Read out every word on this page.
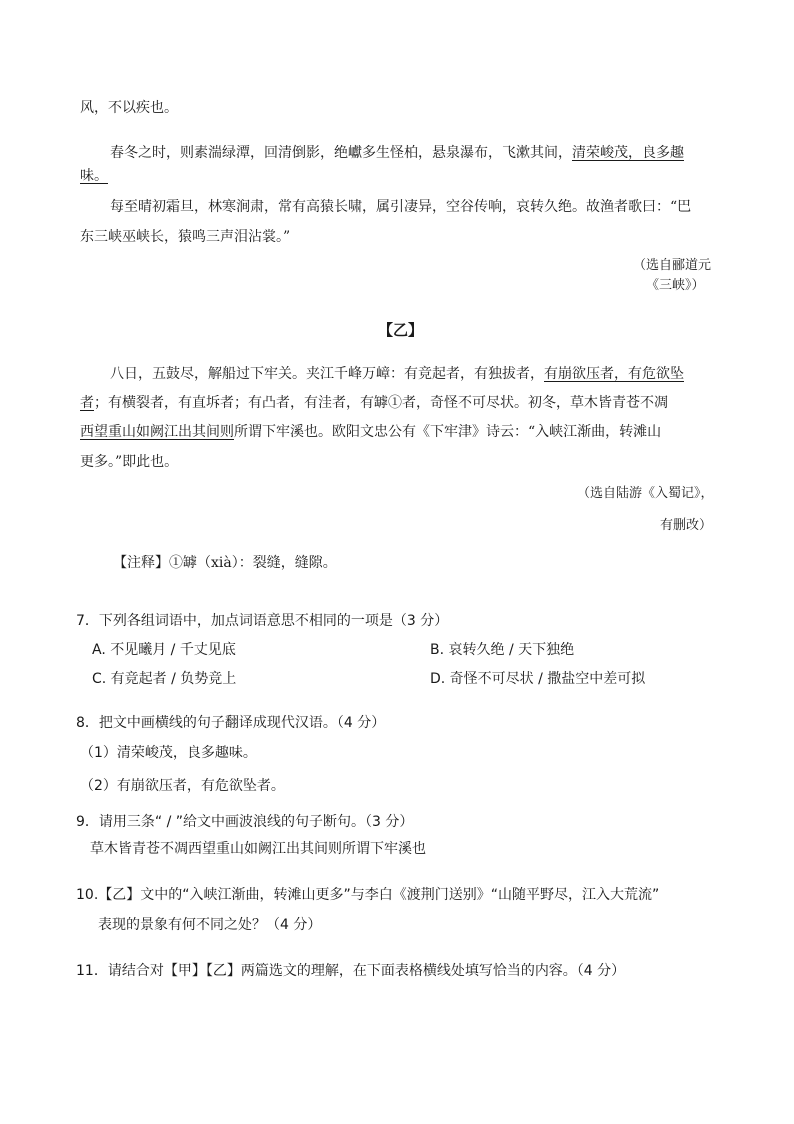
风，不以疾也。
春冬之时，则素湍绿潭，回清倒影，绝巘多生怪柏，悬泉瀑布，飞漱其间，清荣峻茂，良多趣
味。
每至晴初霜旦，林寒涧肃，常有高猿长啸，属引凄异，空谷传响，哀转久绝。故渔者歌曰：“巴
东三峡巫峡长，猿鸣三声泪沾裳。”
（选自郦道元
《三峡》）
【乙】
八日，五鼓尽，解船过下牢关。夹江千峰万嶂：有竞起者，有独拔者，有崩欲压者，有危欲坠
者；有横裂者，有直坼者；有凸者，有洼者，有罅①者，奇怪不可尽状。初冬，草木皆青苍不凋
西望重山如阙江出其间则所谓下牢溪也。欧阳文忠公有《下牢津》诗云：“入峡江渐曲，转滩山
更多。”即此也。
（选自陆游《入蜀记》，
有删改）
【注释】①罅（xià）：裂缝，缝隙。
7．下列各组词语中，加点词语意思不相同的一项是（3 分）
A. 不见曦月 / 千丈见底	B. 哀转久绝 / 天下独绝
C. 有竞起者 / 负势竞上	D. 奇怪不可尽状 / 撒盐空中差可拟
8．把文中画横线的句子翻译成现代汉语。（4 分）
（1）清荣峻茂，良多趣味。
（2）有崩欲压者，有危欲坠者。
9．请用三条“ / ”给文中画波浪线的句子断句。（3 分）
草木皆青苍不凋西望重山如阙江出其间则所谓下牢溪也
10.【乙】文中的“入峡江渐曲，转滩山更多”与李白《渡荆门送别》“山随平野尽，江入大荒流”
表现的景象有何不同之处？（4 分）
11．请结合对【甲】【乙】两篇选文的理解，在下面表格横线处填写恰当的内容。（4 分）
